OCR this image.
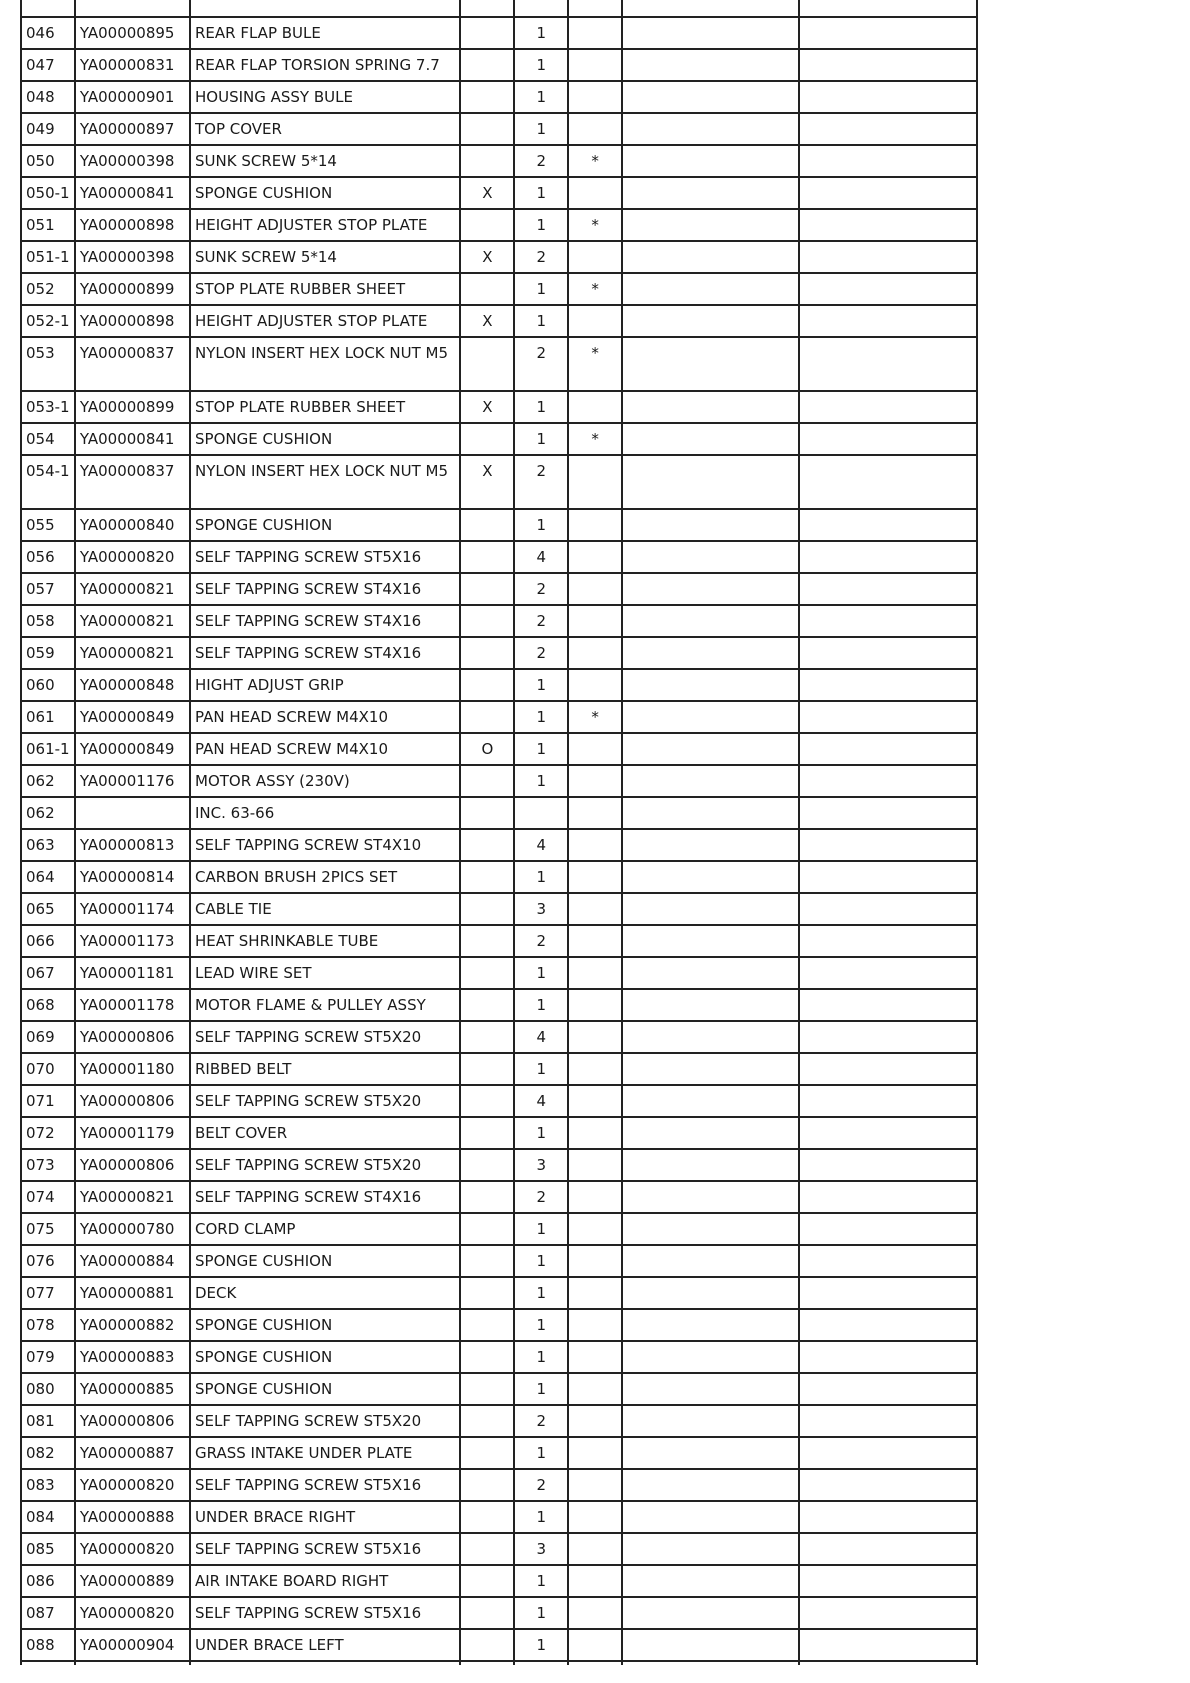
046	YA00000895	REAR FLAP BULE		1			
047	YA00000831	REAR FLAP TORSION SPRING 7.7		1			
048	YA00000901	HOUSING ASSY BULE		1			
049	YA00000897	TOP COVER		1			
050	YA00000398	SUNK SCREW 5*14		2	*		
050-1	YA00000841	SPONGE CUSHION	X	1			
051	YA00000898	HEIGHT ADJUSTER STOP PLATE		1	*		
051-1	YA00000398	SUNK SCREW 5*14	X	2			
052	YA00000899	STOP PLATE RUBBER SHEET		1	*		
052-1	YA00000898	HEIGHT ADJUSTER STOP PLATE	X	1			
053	YA00000837	NYLON INSERT HEX LOCK NUT M5		2	*		
053-1	YA00000899	STOP PLATE RUBBER SHEET	X	1			
054	YA00000841	SPONGE CUSHION		1	*		
054-1	YA00000837	NYLON INSERT HEX LOCK NUT M5	X	2			
055	YA00000840	SPONGE CUSHION		1			
056	YA00000820	SELF TAPPING SCREW ST5X16		4			
057	YA00000821	SELF TAPPING SCREW ST4X16		2			
058	YA00000821	SELF TAPPING SCREW ST4X16		2			
059	YA00000821	SELF TAPPING SCREW ST4X16		2			
060	YA00000848	HIGHT ADJUST GRIP		1			
061	YA00000849	PAN HEAD SCREW M4X10		1	*		
061-1	YA00000849	PAN HEAD SCREW M4X10	O	1			
062	YA00001176	MOTOR ASSY (230V)		1			
062		INC. 63-66					
063	YA00000813	SELF TAPPING SCREW ST4X10		4			
064	YA00000814	CARBON BRUSH 2PICS SET		1			
065	YA00001174	CABLE TIE		3			
066	YA00001173	HEAT SHRINKABLE TUBE		2			
067	YA00001181	LEAD WIRE SET		1			
068	YA00001178	MOTOR FLAME & PULLEY ASSY		1			
069	YA00000806	SELF TAPPING SCREW ST5X20		4			
070	YA00001180	RIBBED BELT		1			
071	YA00000806	SELF TAPPING SCREW ST5X20		4			
072	YA00001179	BELT COVER		1			
073	YA00000806	SELF TAPPING SCREW ST5X20		3			
074	YA00000821	SELF TAPPING SCREW ST4X16		2			
075	YA00000780	CORD CLAMP		1			
076	YA00000884	SPONGE CUSHION		1			
077	YA00000881	DECK		1			
078	YA00000882	SPONGE CUSHION		1			
079	YA00000883	SPONGE CUSHION		1			
080	YA00000885	SPONGE CUSHION		1			
081	YA00000806	SELF TAPPING SCREW ST5X20		2			
082	YA00000887	GRASS INTAKE UNDER PLATE		1			
083	YA00000820	SELF TAPPING SCREW ST5X16		2			
084	YA00000888	UNDER BRACE RIGHT		1			
085	YA00000820	SELF TAPPING SCREW ST5X16		3			
086	YA00000889	AIR INTAKE BOARD RIGHT		1			
087	YA00000820	SELF TAPPING SCREW ST5X16		1			
088	YA00000904	UNDER BRACE LEFT		1			
